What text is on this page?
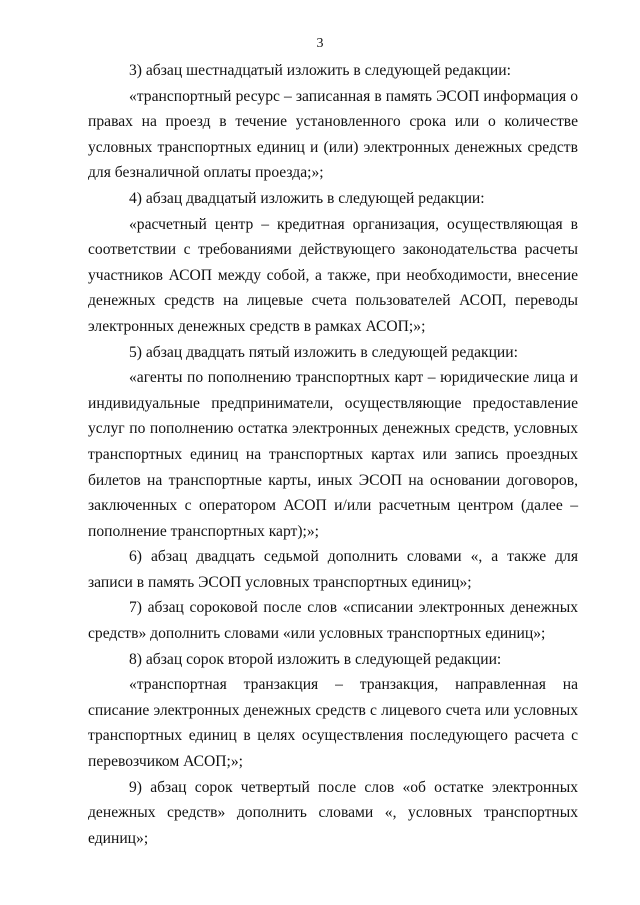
3

3) абзац шестнадцатый изложить в следующей редакции:

«транспортный ресурс – записанная в память ЭСОП информация о правах на проезд в течение установленного срока или о количестве условных транспортных единиц и (или) электронных денежных средств для безналичной оплаты проезда;»;

4) абзац двадцатый изложить в следующей редакции:

«расчетный центр – кредитная организация, осуществляющая в соответствии с требованиями действующего законодательства расчеты участников АСОП между собой, а также, при необходимости, внесение денежных средств на лицевые счета пользователей АСОП, переводы электронных денежных средств в рамках АСОП;»;

5) абзац двадцать пятый изложить в следующей редакции:

«агенты по пополнению транспортных карт – юридические лица и индивидуальные предприниматели, осуществляющие предоставление услуг по пополнению остатка электронных денежных средств, условных транспортных единиц на транспортных картах или запись проездных билетов на транспортные карты, иных ЭСОП на основании договоров, заключенных с оператором АСОП и/или расчетным центром (далее – пополнение транспортных карт);»;

6) абзац двадцать седьмой дополнить словами «, а также для записи в память ЭСОП условных транспортных единиц»;

7) абзац сороковой после слов «списании электронных денежных средств» дополнить словами «или условных транспортных единиц»;

8) абзац сорок второй изложить в следующей редакции:

«транспортная транзакция – транзакция, направленная на списание электронных денежных средств с лицевого счета или условных транспортных единиц в целях осуществления последующего расчета с перевозчиком АСОП;»;

9) абзац сорок четвертый после слов «об остатке электронных денежных средств» дополнить словами «, условных транспортных единиц»;
